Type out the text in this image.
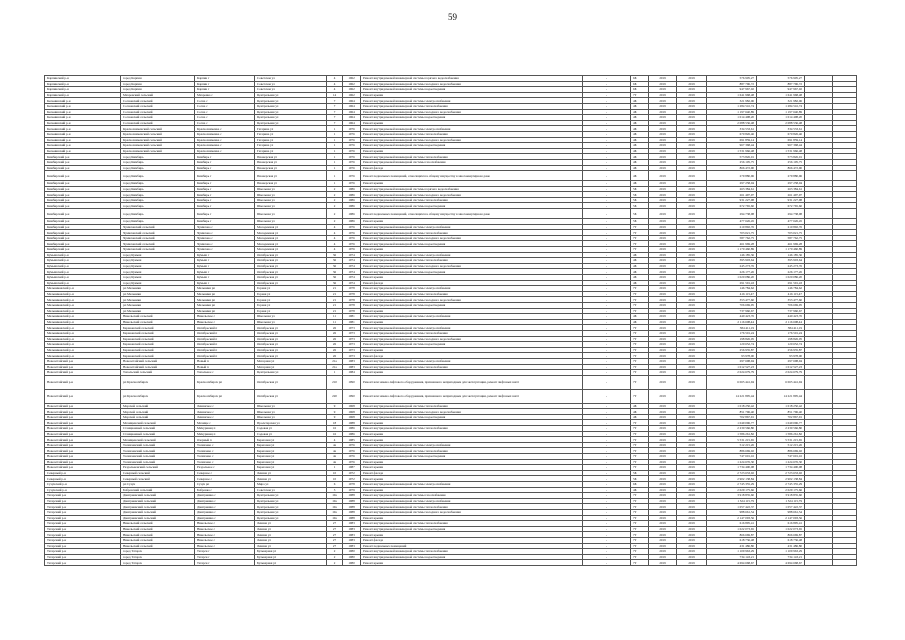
59
Карпинский р-н	город Карпин	Карпин г	Советская ул	4	1962	Ремонт внутридомовой инженерной системы горячего водоснабжения	-	6Б	2019	2019	576 905,27	576 905,27		
Карпинский р-н	город Карпин	Карпин г	Советская ул	4	1962	Ремонт внутридомовой инженерной системы холодного водоснабжения	-	6Б	2019	2019	887 796,72	887 796,72		
Карпинский р-н	город Карпин	Карпин г	Советская ул	4	1962	Ремонт внутридомовой инженерной системы водоотведения	-	6Б	2019	2019	947 967,02	947 967,02		
Карпинский р-н	Махровский сельский	Махровка с	Центральная ул	14	1962	Ремонт крыши	-	7Т	2019	2019	1 641 968,48	1 641 968,48		
Кельминский р-н	Сосновский сельский	Сосна с	Центральная ул	7	1964	Ремонт внутридомовой инженерной системы электроснабжения	-	4Б	2019	2019	321 982,06	321 982,06		
Кельминский р-н	Сосновский сельский	Сосна с	Центральная ул	7	1964	Ремонт внутридомовой инженерной системы теплоснабжения	-	4Б	2019	2019	1 284 516,74	1 284 516,74		
Кельминский р-н	Сосновский сельский	Сосна с	Центральная ул	7	1964	Ремонт внутридомовой инженерной системы холодного водоснабжения	-	4Б	2019	2019	1 197 640,89	1 197 640,89		
Кельминский р-н	Сосновский сельский	Сосна с	Центральная ул	7	1964	Ремонт внутридомовой инженерной системы водоотведения	-	4Б	2019	2019	1 014 498,20	1 014 498,20		
Кельминский р-н	Сосновский сельский	Сосна с	Центральная ул	7	1964	Ремонт крыши	-	4Б	2019	2019	2 088 536,48	2 088 536,48		
Кельминский р-н	Краснознаменский сельский	Краснознаменка с	Гагарина ул	1	1976	Ремонт внутридомовой инженерной системы электроснабжения	-	4Б	2019	2019	334 533,61	334 533,61		
Кельминский р-н	Краснознаменский сельский	Краснознаменка с	Гагарина ул	1	1976	Ремонт внутридомовой инженерной системы теплоснабжения	-	4Б	2019	2019	670 826,46	670 826,46		
Кельминский р-н	Краснознаменский сельский	Краснознаменка с	Гагарина ул	1	1976	Ремонт внутридомовой инженерной системы холодного водоснабжения	-	4Б	2019	2019	691 859,14	691 859,14		
Кельминский р-н	Краснознаменский сельский	Краснознаменка с	Гагарина ул	1	1976	Ремонт внутридомовой инженерной системы водоотведения	-	4Б	2019	2019	967 368,44	967 368,44		
Кельминский р-н	Краснознаменский сельский	Краснознаменка с	Гагарина ул	1	1976	Ремонт крыши	-	4Б	2019	2019	1 531 966,48	1 531 966,48		
Кимбирский р-н	город Кимбирь	Кимбирь г	Пионерская ул	1	1976	Ремонт внутридомовой инженерной системы теплоснабжения	-	4Б	2019	2019	573 826,01	573 826,01		
Кимбирский р-н	город Кимбирь	Кимбирь г	Пионерская ул	1	1976	Ремонт внутридомовой инженерной системы газоснабжения	-	4Б	2019	2019	256 105,75	256 105,75		
Кимбирский р-н	город Кимбирь	Кимбирь г	Пионерская ул	1	1976	Ремонт фасада	-	4Б	2019	2019	866 472,90	866 472,90		
Кимбирский р-н	город Кимбирь	Кимбирь г	Пионерская ул	1	1976	Ремонт подвальных помещений, относящихся к общему имуществу в многоквартирном доме	-	4Б	2019	2019	279 880,96	279 880,96		
Кимбирский р-н	город Кимбирь	Кимбирь г	Пионерская ул	1	1976	Ремонт крыши	-	4Б	2019	2019	297 258,04	297 258,04		
Кимбирский р-н	город Кимбирь	Кимбирь г	Школьная ул	2	1986	Ремонт внутридомовой инженерной системы горячего водоснабжения	-	5Б	2019	2019	263 384,61	263 384,61		
Кимбирский р-н	город Кимбирь	Кимбирь г	Школьная ул	2	1986	Ремонт внутридомовой инженерной системы холодного водоснабжения	-	5Б	2019	2019	261 497,97	261 497,97		
Кимбирский р-н	город Кимбирь	Кимбирь г	Школьная ул	2	1986	Ремонт внутридомовой инженерной системы теплоснабжения	-	5Б	2019	2019	931 227,98	931 227,98		
Кимбирский р-н	город Кимбирь	Кимбирь г	Школьная ул	2	1986	Ремонт внутридомовой инженерной системы водоотведения	-	5Б	2019	2019	672 765,60	672 765,60		
Кимбирский р-н	город Кимбирь	Кимбирь г	Школьная ул	2	1986	Ремонт подвальных помещений, относящихся к общему имуществу в многоквартирном доме	-	5Б	2019	2019	294 738,98	294 738,98		
Кимбирский р-н	город Кимбирь	Кимбирь г	Школьная ул	2	1986	Ремонт крыши	-	5Б	2019	2019	477 626,45	477 626,45		
Кимбирский р-н	Чумиловский сельский	Чумилово с	Молодежная ул	4	1976	Ремонт внутридомовой инженерной системы электроснабжения	-	7Т	2019	2019	210 892,76	210 892,76		
Кимбирский р-н	Чумиловский сельский	Чумилово с	Молодежная ул	4	1976	Ремонт внутридомовой инженерной системы теплоснабжения	-	7Т	2019	2019	703 021,75	703 021,75		
Кимбирский р-н	Чумиловский сельский	Чумилово с	Молодежная ул	4	1976	Ремонт внутридомовой инженерной системы холодного водоснабжения	-	7Т	2019	2019	587 762,75	587 762,75		
Кимбирский р-н	Чумиловский сельский	Чумилово с	Молодежная ул	4	1976	Ремонт внутридомовой инженерной системы водоотведения	-	7Т	2019	2019	461 969,28	461 969,28		
Кимбирский р-н	Чумиловский сельский	Чумилово с	Молодежная ул	4	1976	Ремонт крыши	-	7Т	2019	2019	1 170 460,89	1 170 460,89		
Кумышский р-н	город Кумыш	Кумыш г	Октябрьская ул	36	1974	Ремонт внутридомовой инженерной системы электроснабжения	-	4Б	2019	2019	146 185,36	146 185,36		
Кумышский р-н	город Кумыш	Кумыш г	Октябрьская ул	36	1974	Ремонт внутридомовой инженерной системы теплоснабжения	-	4Б	2019	2019	395 903,64	395 903,64		
Кумышский р-н	город Кумыш	Кумыш г	Октябрьская ул	36	1974	Ремонт внутридомовой инженерной системы холодного водоснабжения	-	4Б	2019	2019	245 273,76	245 273,76		
Кумышский р-н	город Кумыш	Кумыш г	Октябрьская ул	36	1974	Ремонт внутридомовой инженерной системы водоотведения	-	4Б	2019	2019	226 177,26	226 177,26		
Кумышский р-н	город Кумыш	Кумыш г	Октябрьская ул	36	1974	Ремонт крыши	-	4Б	2019	2019	1 020 086,20	1 020 086,20		
Кумышский р-н	город Кумыш	Кумыш г	Октябрьская ул	36	1974	Ремонт фасада	-	4Б	2019	2019	291 591,43	291 591,43		
Мельниковский р-н	рп Мельники	Мельники рп	Горная ул	21	1978	Ремонт внутридомовой инженерной системы электроснабжения	-	7Т	2019	2019	146 784,62	146 784,62		
Мельниковский р-н	рп Мельники	Мельники рп	Горная ул	21	1978	Ремонт внутридомовой инженерной системы теплоснабжения	-	7Т	2019	2019	416 115,47	416 115,47		
Мельниковский р-н	рп Мельники	Мельники рп	Горная ул	21	1978	Ремонт внутридомовой инженерной системы холодного водоснабжения	-	7Т	2019	2019	353 477,60	353 477,60		
Мельниковский р-н	рп Мельники	Мельники рп	Горная ул	21	1978	Ремонт внутридомовой инженерной системы водоотведения	-	7Т	2019	2019	706 669,95	706 669,95		
Мельниковский р-н	рп Мельники	Мельники рп	Горная ул	21	1978	Ремонт крыши	-	7Т	2019	2019	737 960,67	737 960,67		
Мельниковский р-н	Никольский сельский	Никольское с	Школьная ул	11	1981	Ремонт внутридомовой инженерной системы электроснабжения	-	4Б	2019	2019	440 423,76	440 423,76		
Мельниковский р-н	Никольский сельский	Никольское с	Школьная ул	11	1981	Ремонт крыши	-	4Б	2019	2019	2 116 608,44	2 116 608,44		
Мельниковский р-н	Барановский сельский	Октябрьский п	Октябрьская ул	26	1973	Ремонт внутридомовой инженерной системы электроснабжения	-	7Т	2019	2019	384 411,19	384 411,19		
Мельниковский р-н	Барановский сельский	Октябрьский п	Октябрьская ул	26	1973	Ремонт внутридомовой инженерной системы теплоснабжения	-	7Т	2019	2019	176 501,24	176 501,24		
Мельниковский р-н	Барановский сельский	Октябрьский п	Октябрьская ул	26	1973	Ремонт внутридомовой инженерной системы холодного водоснабжения	-	7Т	2019	2019	198 826,05	198 826,05		
Мельниковский р-н	Барановский сельский	Октябрьский п	Октябрьская ул	26	1973	Ремонт внутридомовой инженерной системы водоотведения	-	7Т	2019	2019	120 652,74	120 652,74		
Мельниковский р-н	Барановский сельский	Октябрьский п	Октябрьская ул	26	1973	Ремонт крыши	-	7Т	2019	2019	256 935,87	256 935,87		
Мельниковский р-н	Барановский сельский	Октябрьский п	Октябрьская ул	26	1973	Ремонт фасада	-	7Т	2019	2019	93 978,00	93 978,00		
Новоалтайский р-н	Новоалтайский сельский	Новый п	Моторная ул	21а	1983	Ремонт внутридомовой инженерной системы электроснабжения	-	7Т	2019	2019	297 698,94	297 698,94		
Новоалтайский р-н	Новоалтайский сельский	Новый п	Моторная ул	21а	1983	Ремонт внутридомовой инженерной системы теплоснабжения	-	7Т	2019	2019	1 012 527,23	1 012 527,23		
Новоалтайский р-н	Топольский сельский	Топольное с	Центральная ул	1	1984	Ремонт крыши	-	7Т	2019	2019	2 024 679,79	2 024 679,79		
Новоалтайский р-н	рп Красносибирск	Красносибирск рп	Октябрьская ул	210	1990	Ремонт или замена лифтового оборудования, признанного непригодным для эксплуатации, ремонт лифтовых шахт	-	7Т	2019	2019	6 065 441,94	6 065 441,94		
Новоалтайский р-н	рп Красносибирск	Красносибирск рп	Октябрьская ул	220	1990	Ремонт или замена лифтового оборудования, признанного непригодным для эксплуатации, ремонт лифтовых шахт	-	7Т	2019	2019	14 221 895,44	14 221 895,44		
Новоалтайский р-н	Морской сельский	Ленинское с	Школьная ул	9	1968	Ремонт внутридомовой инженерной системы теплоснабжения	-	4Б	2019	2019	1 018 250,42	1 018 250,42		
Новоалтайский р-н	Морской сельский	Ленинское с	Школьная ул	9	1968	Ремонт внутридомовой инженерной системы холодного водоснабжения	-	4Б	2019	2019	851 796,40	851 796,40		
Новоалтайский р-н	Морской сельский	Ленинское с	Школьная ул	9	1968	Ремонт внутридомовой инженерной системы водоотведения	-	4Б	2019	2019	702 867,91	702 867,91		
Новоалтайский р-н	Мочищенский сельский	Мочище с	Пролетарская ул	18	1988	Ремонт крыши	-	7Т	2019	2019	1 049 096,77	1 049 096,77		
Новоалтайский р-н	Станционный сельский	Мичуринец п	Садовая ул	16	1986	Ремонт внутридомовой инженерной системы теплоснабжения	-	7Т	2019	2019	2 230 566,80	2 230 566,80		
Новоалтайский р-н	Станционный сельский	Мичуринец п	Садовая ул	16	1986	Ремонт крыши	-	7Т	2019	2019	1 586 261,82	1 586 261,82		
Новоалтайский р-н	Мочищенский сельский	Озерный п	Береговая ул	4	1985	Ремонт крыши	-	7Т	2019	2019	5 531 215,65	5 531 215,65		
Новоалтайский р-н	Толмачевский сельский	Толмачево с	Береговая ул	4а	1976	Ремонт внутридомовой инженерной системы электроснабжения	-	7Т	2019	2019	512 215,26	512 215,26		
Новоалтайский р-н	Толмачевский сельский	Толмачево с	Береговая ул	4а	1976	Ремонт внутридомовой инженерной системы теплоснабжения	-	7Т	2019	2019	886 669,02	886 669,02		
Новоалтайский р-н	Толмачевский сельский	Толмачево с	Береговая ул	4а	1976	Ремонт внутридомовой инженерной системы водоотведения	-	7Т	2019	2019	747 601,16	747 601,16		
Новоалтайский р-н	Толмачевский сельский	Толмачево с	Береговая ул	4а	1976	Ремонт крыши	-	7Т	2019	2019	1 224 676,30	1 224 676,30		
Новоалтайский р-н	Раздольненский сельский	Раздольное с	Береговая ул	1	1987	Ремонт крыши	-	7Т	2019	2019	1 734 400,08	1 734 400,08		
Северный р-н	Северный сельский	Северное с	Ленина ул	10	1972	Ремонт фасада	-	5Б	2019	2019	2 723 633,02	2 723 633,02		
Северный р-н	Северный сельский	Северное с	Ленина ул	10	1972	Ремонт крыши	-	5Б	2019	2019	2 902 138,84	2 902 138,84		
Сузунский р-н	рп Сузун	Сузун рп	Мира ул	6	1978	Ремонт внутридомовой инженерной системы электроснабжения	-	6Б	2019	2019	2 745 355,29	2 745 355,29		
Сузунский р-н	Бобровский сельский	Бобровка с	Советская ул	3	1979	Ремонт крыши	-	4Б	2019	2019	2 029 175,66	2 029 175,66		
Татарский р-н	Дмитриевский сельский	Дмитриевка с	Центральная ул	10а	1988	Ремонт внутридомовой инженерной системы газоснабжения	-	7Т	2019	2019	3 918 835,60	3 918 835,60		
Татарский р-н	Дмитриевский сельский	Дмитриевка с	Центральная ул	10а	1988	Ремонт внутридомовой инженерной системы электроснабжения	-	7Т	2019	2019	1 324 115,79	1 324 115,79		
Татарский р-н	Дмитриевский сельский	Дмитриевка с	Центральная ул	10а	1988	Ремонт внутридомовой инженерной системы теплоснабжения	-	7Т	2019	2019	1 057 422,37	1 057 422,37		
Татарский р-н	Дмитриевский сельский	Дмитриевка с	Центральная ул	10а	1988	Ремонт внутридомовой инженерной системы холодного водоснабжения	-	7Т	2019	2019	988 661,54	988 661,54		
Татарский р-н	Дмитриевский сельский	Дмитриевка с	Центральная ул	10а	1988	Ремонт крыши	-	7Т	2019	2019	2 147 093,56	2 147 093,56		
Татарский р-н	Никольский сельский	Никольское с	Ленина ул	27	1983	Ремонт внутридомовой инженерной системы теплоснабжения	-	7Т	2019	2019	616 895,41	616 895,41		
Татарский р-н	Никольский сельский	Никольское с	Ленина ул	27	1983	Ремонт внутридомовой инженерной системы водоотведения	-	7Т	2019	2019	1 022 073,65	1 022 073,65		
Татарский р-н	Никольский сельский	Никольское с	Ленина ул	27	1983	Ремонт крыши	-	7Т	2019	2019	866 669,87	866 669,87		
Татарский р-н	Никольский сельский	Никольское с	Ленина ул	27	1983	Ремонт фасада	-	7Т	2019	2019	618 736,48	618 736,48		
Татарский р-н	Никольский сельский	Никольское с	Ленина ул	27	1983	Ремонт подвальных помещений	-	7Т	2019	2019	431 486,80	431 486,80		
Татарский р-н	город Татарск	Татарск г	Бульварная ул	2	1980	Ремонт внутридомовой инженерной системы теплоснабжения	-	7Т	2019	2019	1 109 963,29	1 109 963,29		
Татарский р-н	город Татарск	Татарск г	Бульварная ул	2	1980	Ремонт внутридомовой инженерной системы водоотведения	-	7Т	2019	2019	734 143,21	734 143,21		
Татарский р-н	город Татарск	Татарск г	Бульварная ул	2	1980	Ремонт крыши	-	7Т	2019	2019	4 694 668,67	4 694 668,67		
